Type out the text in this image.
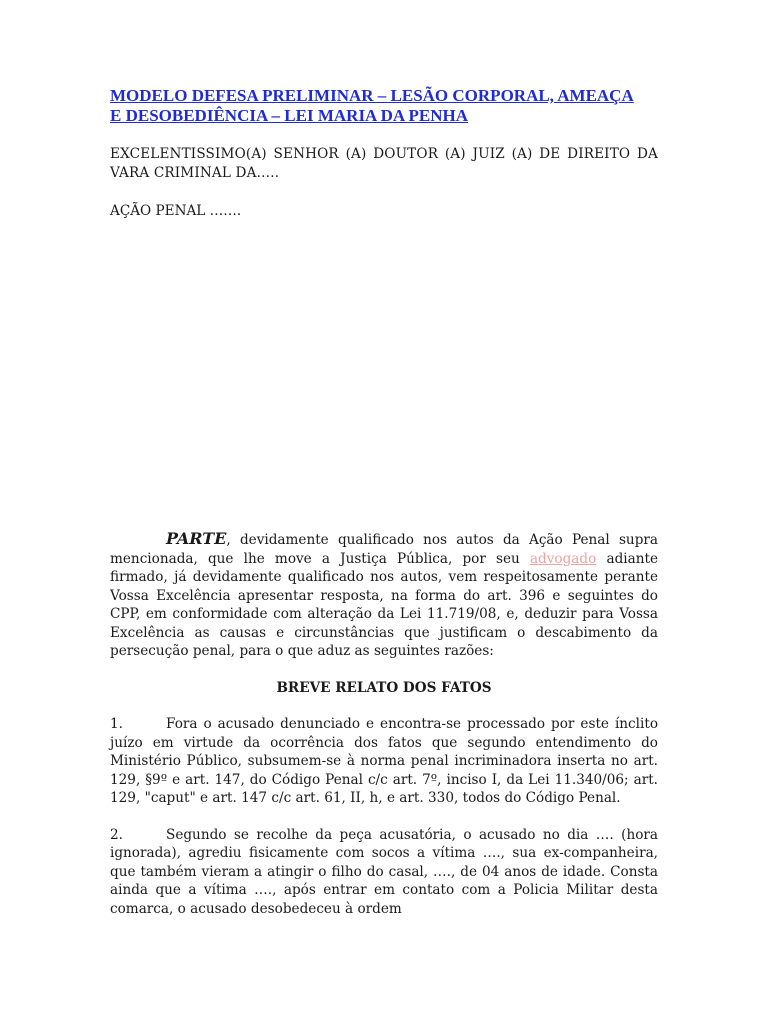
MODELO DEFESA PRELIMINAR – LESÃO CORPORAL, AMEAÇA
E DESOBEDIÊNCIA – LEI MARIA DA PENHA

EXCELENTISSIMO(A) SENHOR (A) DOUTOR (A) JUIZ (A) DE DIREITO DA VARA CRIMINAL DA…..

AÇÃO PENAL …….

PARTE, devidamente qualificado nos autos da Ação Penal supra mencionada, que lhe move a Justiça Pública, por seu advogado adiante firmado, já devidamente qualificado nos autos, vem respeitosamente perante Vossa Excelência apresentar resposta, na forma do art. 396 e seguintes do CPP, em conformidade com alteração da Lei 11.719/08, e, deduzir para Vossa Excelência as causas e circunstâncias que justificam o descabimento da persecução penal, para o que aduz as seguintes razões:

BREVE RELATO DOS FATOS

1.	Fora o acusado denunciado e encontra-se processado por este ínclito juízo em virtude da ocorrência dos fatos que segundo entendimento do Ministério Público, subsumem-se à norma penal incriminadora inserta no art. 129, §9º e art. 147, do Código Penal c/c art. 7º, inciso I, da Lei 11.340/06; art. 129, "caput" e art. 147 c/c art. 61, II, h, e art. 330, todos do Código Penal.

2.	Segundo se recolhe da peça acusatória, o acusado no dia …. (hora ignorada), agrediu fisicamente com socos a vítima …., sua ex-companheira, que também vieram a atingir o filho do casal, …., de 04 anos de idade. Consta ainda que a vítima …., após entrar em contato com a Policia Militar desta comarca, o acusado desobedeceu à ordem
